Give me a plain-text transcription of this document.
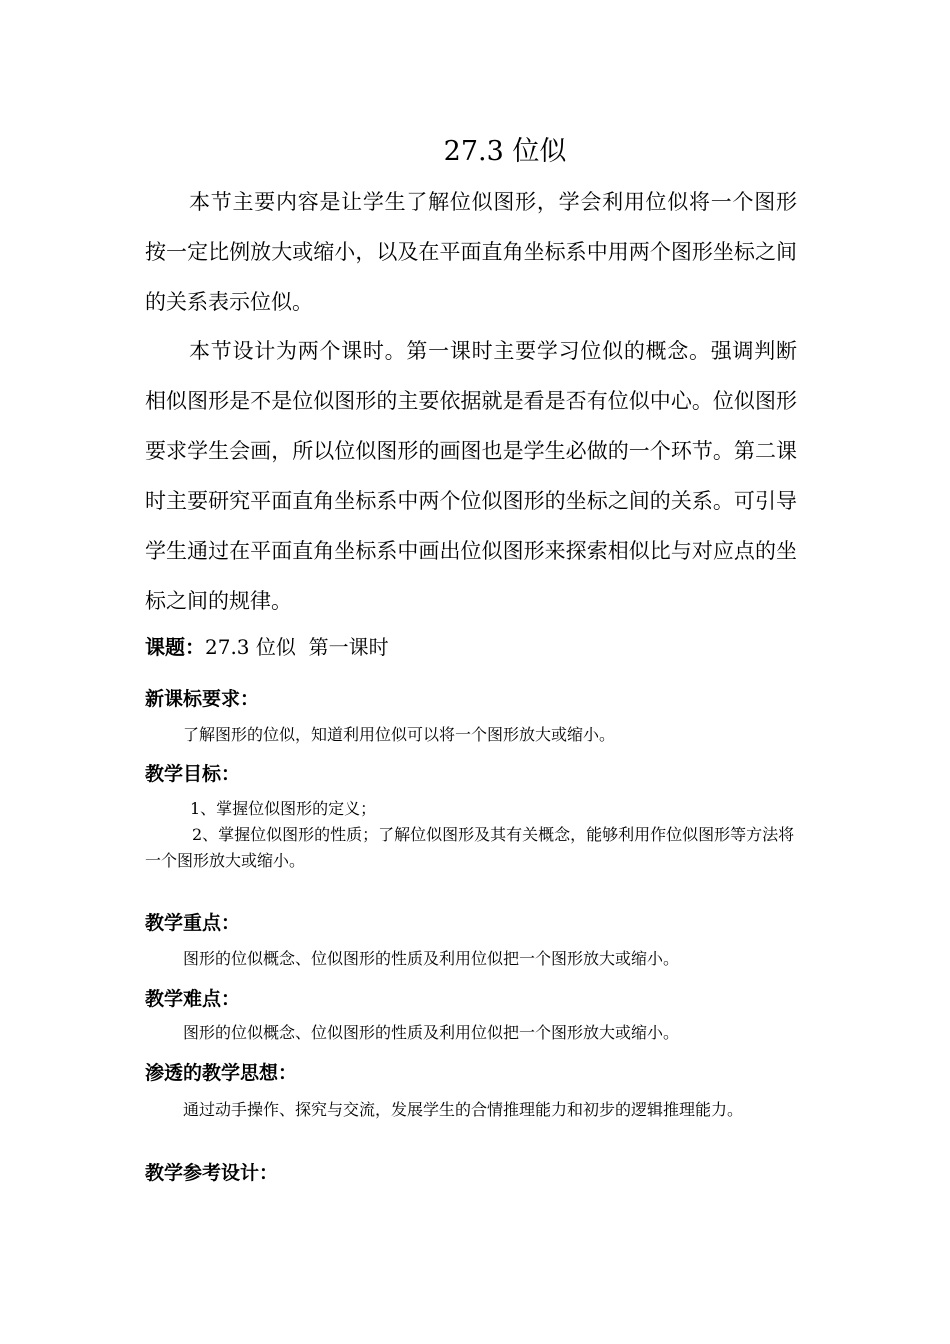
27.3 位似

本节主要内容是让学生了解位似图形，学会利用位似将一个图形按一定比例放大或缩小，以及在平面直角坐标系中用两个图形坐标之间的关系表示位似。

本节设计为两个课时。第一课时主要学习位似的概念。强调判断相似图形是不是位似图形的主要依据就是看是否有位似中心。位似图形要求学生会画，所以位似图形的画图也是学生必做的一个环节。第二课时主要研究平面直角坐标系中两个位似图形的坐标之间的关系。可引导学生通过在平面直角坐标系中画出位似图形来探索相似比与对应点的坐标之间的规律。

课题：27.3 位似  第一课时
新课标要求：

了解图形的位似，知道利用位似可以将一个图形放大或缩小。

教学目标：

1、掌握位似图形的定义；

2、掌握位似图形的性质；了解位似图形及其有关概念，能够利用作位似图形等方法将一个图形放大或缩小。

教学重点：

图形的位似概念、位似图形的性质及利用位似把一个图形放大或缩小。

教学难点：

图形的位似概念、位似图形的性质及利用位似把一个图形放大或缩小。

渗透的教学思想：

通过动手操作、探究与交流，发展学生的合情推理能力和初步的逻辑推理能力。

教学参考设计：
